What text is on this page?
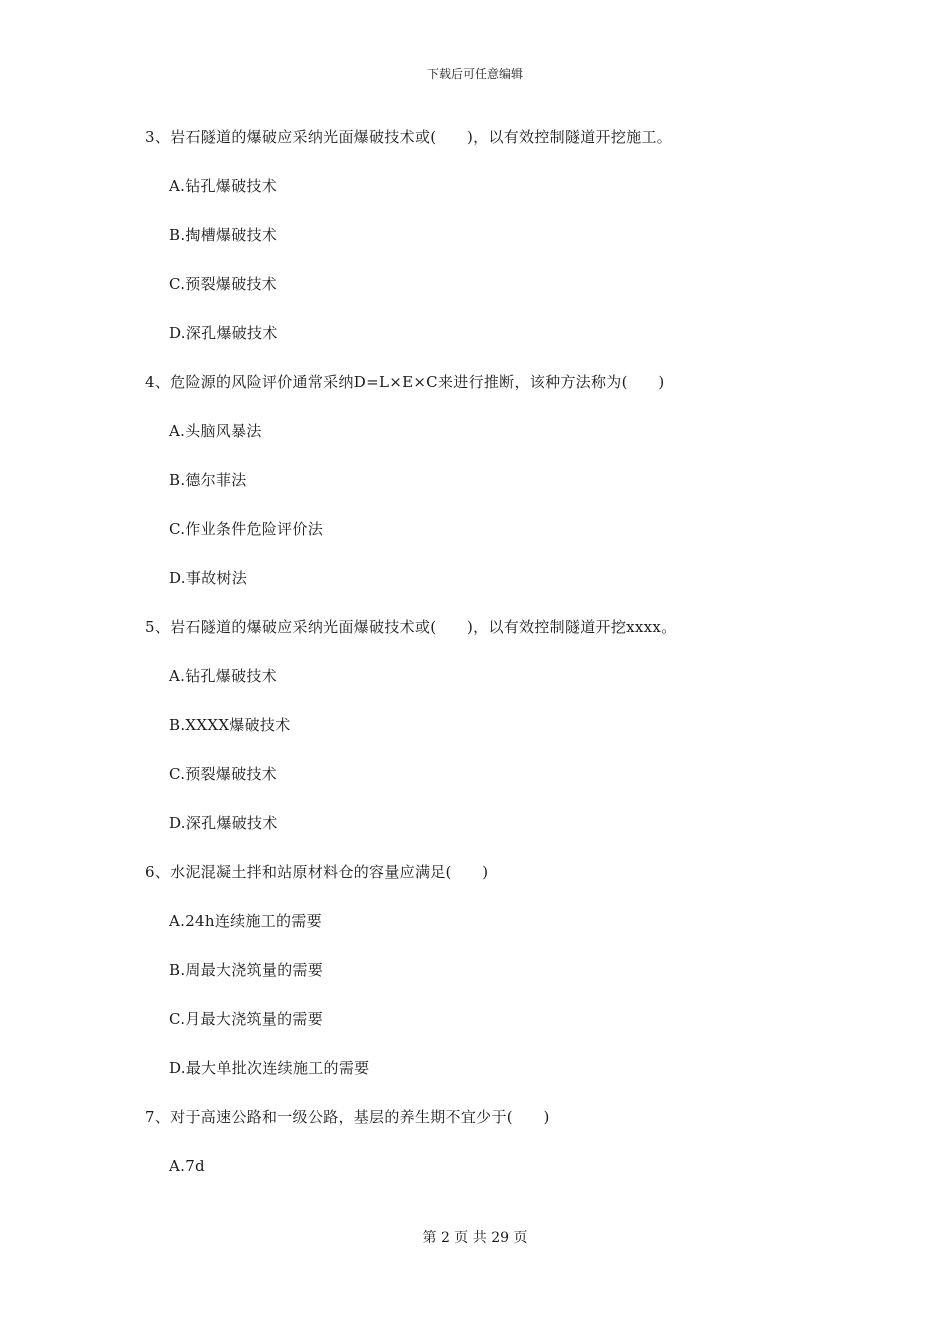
下载后可任意编辑
3、岩石隧道的爆破应采纳光面爆破技术或(　　)，以有效控制隧道开挖施工。
A.钻孔爆破技术
B.掏槽爆破技术
C.预裂爆破技术
D.深孔爆破技术
4、危险源的风险评价通常采纳D=L×E×C来进行推断，该种方法称为(　　)
A.头脑风暴法
B.德尔菲法
C.作业条件危险评价法
D.事故树法
5、岩石隧道的爆破应采纳光面爆破技术或(　　)，以有效控制隧道开挖xxxx。
A.钻孔爆破技术
B.XXXX爆破技术
C.预裂爆破技术
D.深孔爆破技术
6、水泥混凝土拌和站原材料仓的容量应满足(　　)
A.24h连续施工的需要
B.周最大浇筑量的需要
C.月最大浇筑量的需要
D.最大单批次连续施工的需要
7、对于高速公路和一级公路，基层的养生期不宜少于(　　)
A.7d
第 2 页 共 29 页
